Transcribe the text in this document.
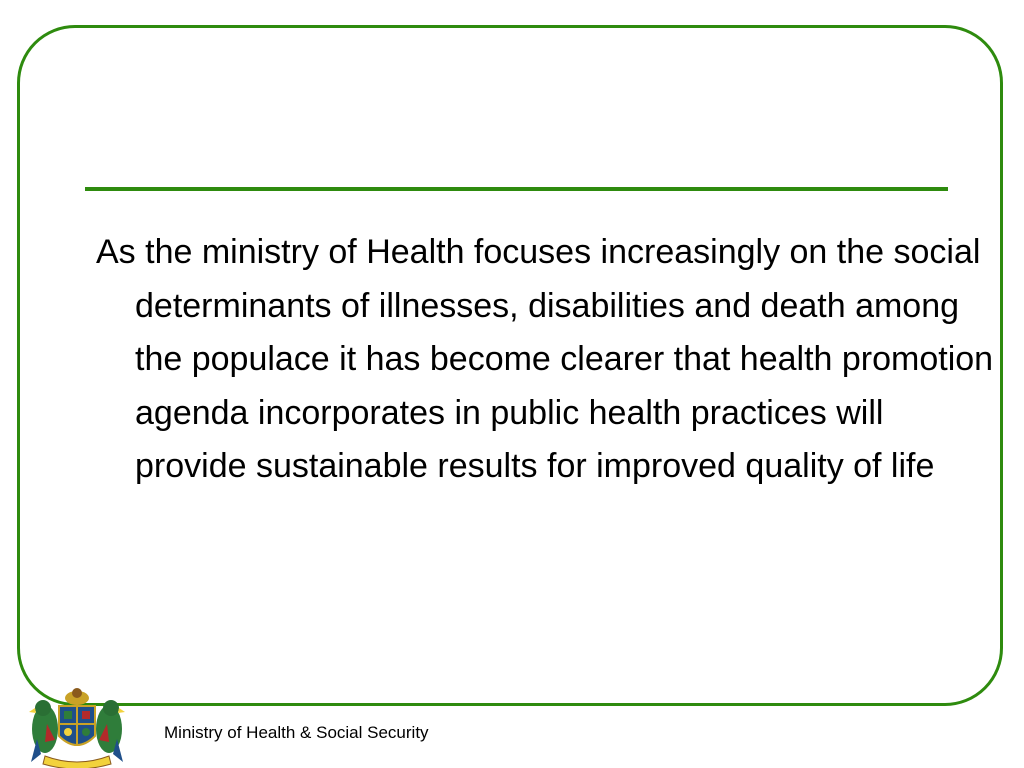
As the ministry of Health focuses increasingly on the social determinants of illnesses, disabilities and death among the populace it has become clearer that health promotion agenda incorporates in public health practices will provide sustainable results for improved quality of life

Ministry of Health & Social Security
